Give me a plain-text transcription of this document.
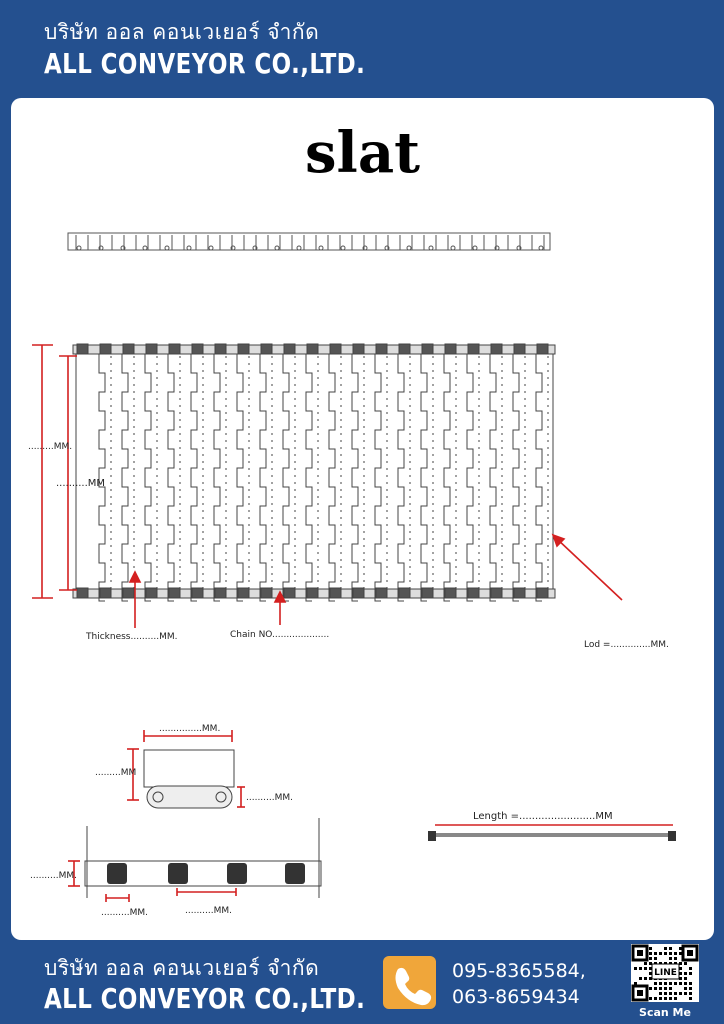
บริษัท ออล คอนเวเยอร์ จำกัด
ALL CONVEYOR CO.,LTD.
slat
.........MM.
..........MM
Thickness..........MM.	Chain NO....................
Lod =..............MM.
...............MM.
.........MM
..........MM.
..........MM.
..........MM.	..........MM.
Length =........................MM
บริษัท ออล คอนเวเยอร์ จำกัด
ALL CONVEYOR CO.,LTD.
095-8365584,
063-8659434
LINE
Scan Me
